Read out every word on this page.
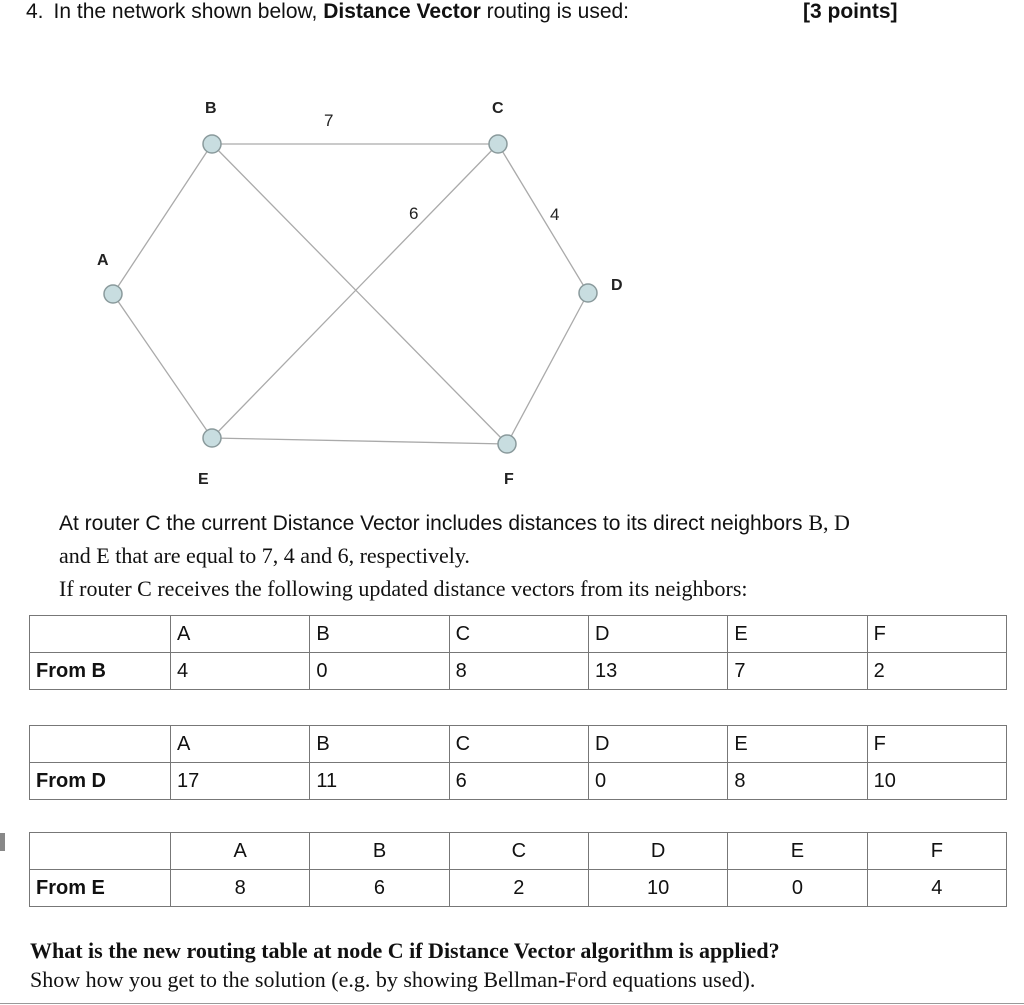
4. In the network shown below, Distance Vector routing is used:	[3 points]
B	C
A
D
E	F
7
6	4
At router C the current Distance Vector includes distances to its direct neighbors B, D
and E that are equal to 7, 4 and 6, respectively.
If router C receives the following updated distance vectors from its neighbors:
	A	B	C	D	E	F
From B	4	0	8	13	7	2
	A	B	C	D	E	F
From D	17	11	6	0	8	10
	A	B	C	D	E	F
From E	8	6	2	10	0	4
What is the new routing table at node C if Distance Vector algorithm is applied?
Show how you get to the solution (e.g. by showing Bellman-Ford equations used).
